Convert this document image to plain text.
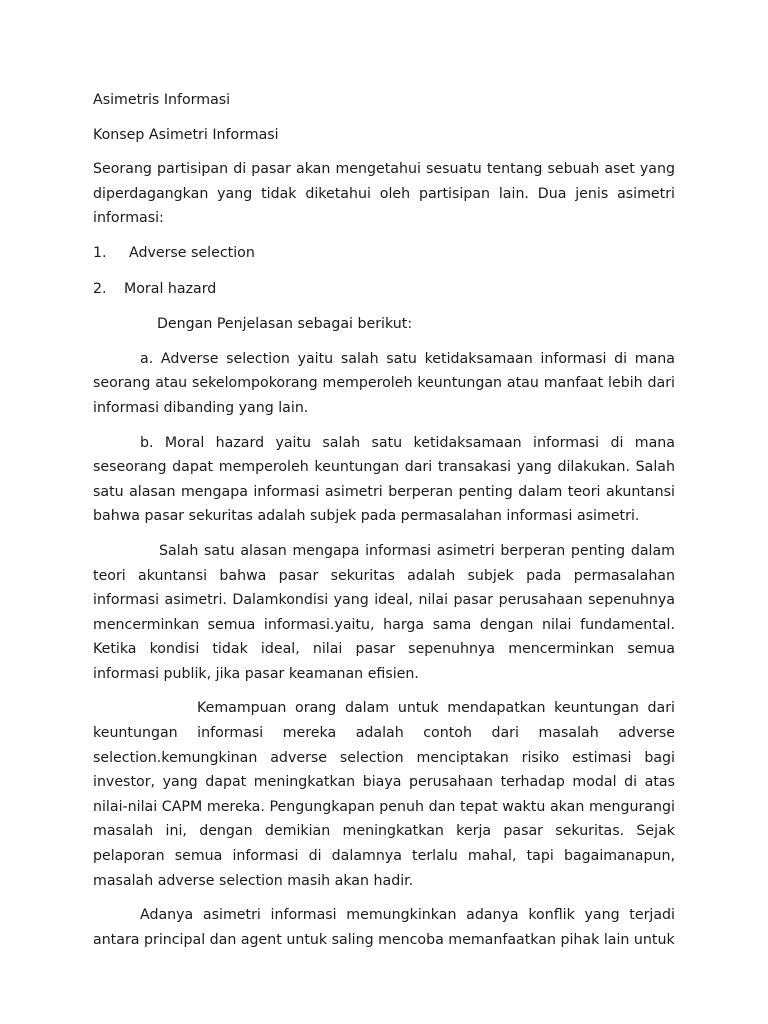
Asimetris Informasi

Konsep Asimetri Informasi

Seorang partisipan di pasar akan mengetahui sesuatu tentang sebuah aset yang diperdagangkan yang tidak diketahui oleh partisipan lain. Dua jenis asimetri informasi:

1.	Adverse selection
2.	Moral hazard

Dengan Penjelasan sebagai berikut:

a. Adverse selection yaitu salah satu ketidaksamaan informasi di mana seorang atau sekelompokorang memperoleh keuntungan atau manfaat lebih dari informasi dibanding yang lain.

b. Moral hazard yaitu salah satu ketidaksamaan informasi di mana seseorang dapat memperoleh keuntungan dari transakasi yang dilakukan. Salah satu alasan mengapa informasi asimetri berperan penting dalam teori akuntansi bahwa pasar sekuritas adalah subjek pada permasalahan informasi asimetri.

Salah satu alasan mengapa informasi asimetri berperan penting dalam teori akuntansi bahwa pasar sekuritas adalah subjek pada permasalahan informasi asimetri. Dalamkondisi yang ideal, nilai pasar perusahaan sepenuhnya mencerminkan semua informasi.yaitu, harga sama dengan nilai fundamental. Ketika kondisi tidak ideal, nilai pasar sepenuhnya mencerminkan semua informasi publik, jika pasar keamanan efisien.

Kemampuan orang dalam untuk mendapatkan keuntungan dari keuntungan informasi mereka adalah contoh dari masalah adverse selection.kemungkinan adverse selection menciptakan risiko estimasi bagi investor, yang dapat meningkatkan biaya perusahaan terhadap modal di atas nilai-nilai CAPM mereka. Pengungkapan penuh dan tepat waktu akan mengurangi masalah ini, dengan demikian meningkatkan kerja pasar sekuritas. Sejak pelaporan semua informasi di dalamnya terlalu mahal, tapi bagaimanapun, masalah adverse selection masih akan hadir.

Adanya asimetri informasi memungkinkan adanya konflik yang terjadi antara principal dan agent untuk saling mencoba memanfaatkan pihak lain untuk
